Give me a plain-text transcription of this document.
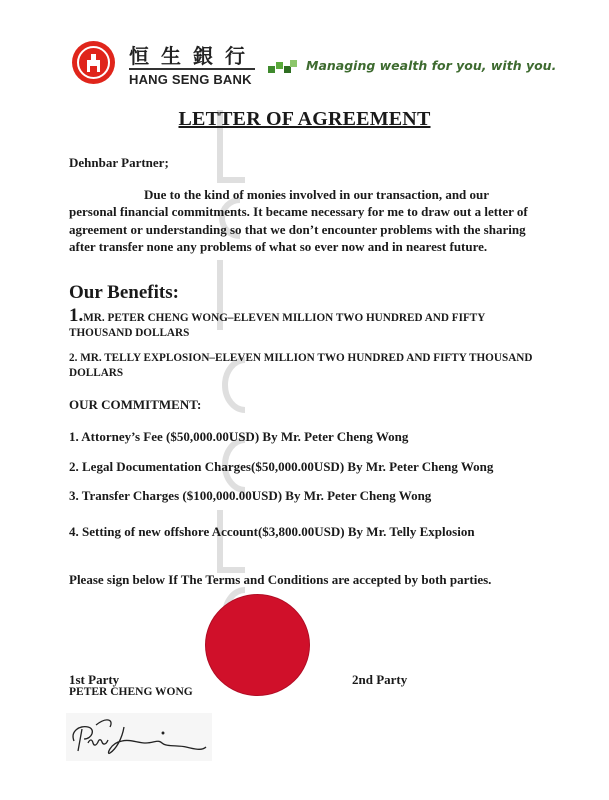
恒生銀行
HANG SENG BANK
Managing wealth for you, with you.
LETTER OF AGREEMENT
Dehnbar Partner;
Due to the kind of monies involved in our transaction, and our personal financial commitments. It became necessary for me to draw out a letter of agreement or understanding so that we don’t encounter problems with the sharing after transfer none any problems of what so ever now and in nearest future.
Our Benefits:
1.MR. PETER CHENG WONG–ELEVEN MILLION TWO HUNDRED AND FIFTY THOUSAND DOLLARS
2. MR. TELLY EXPLOSION–ELEVEN MILLION TWO HUNDRED AND FIFTY THOUSAND DOLLARS
OUR COMMITMENT:
1. Attorney’s Fee ($50,000.00USD) By Mr. Peter Cheng Wong
2. Legal Documentation Charges($50,000.00USD) By Mr. Peter Cheng Wong
3. Transfer Charges ($100,000.00USD) By Mr. Peter Cheng Wong
4. Setting of new offshore Account($3,800.00USD) By Mr. Telly Explosion
Please sign below If The Terms and Conditions are accepted by both parties.
1st Party
PETER CHENG WONG
2nd Party
